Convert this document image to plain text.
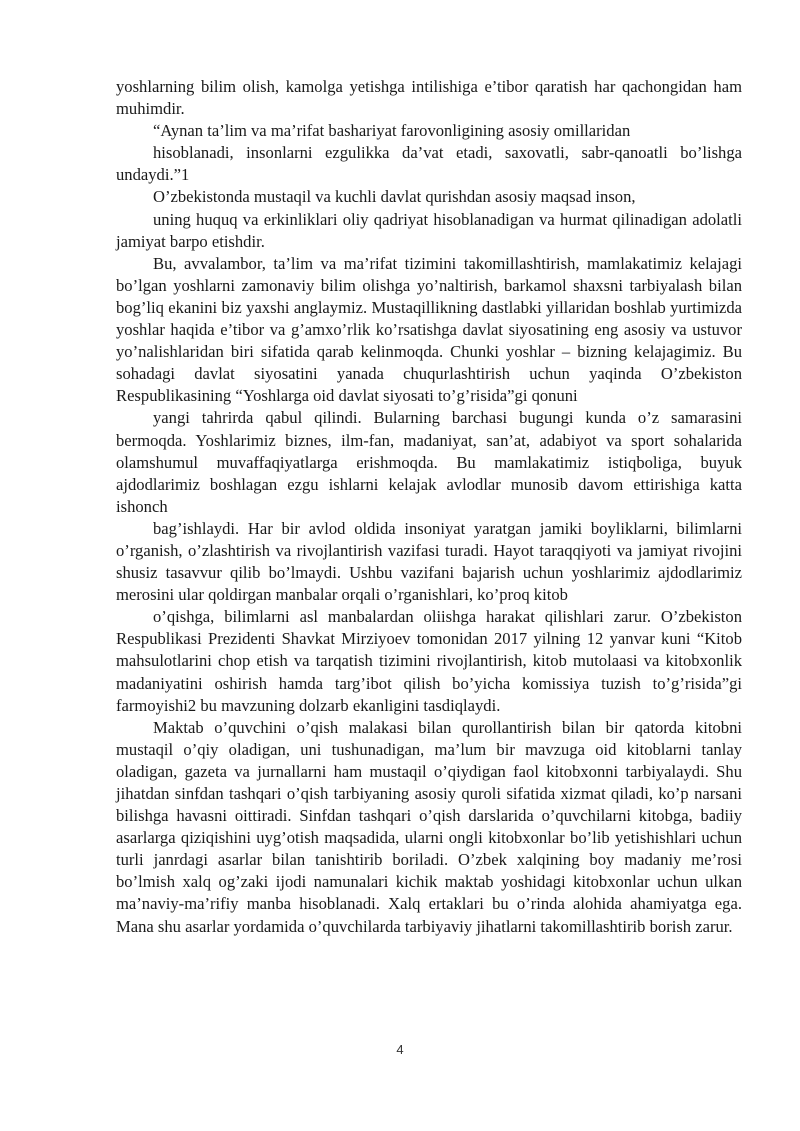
yoshlarning bilim olish, kamolga yetishga intilishiga e’tibor qaratish har qachongidan ham muhimdir.

“Aynan ta’lim va ma’rifat bashariyat farovonligining asosiy omillaridan

hisoblanadi, insonlarni ezgulikka da’vat etadi, saxovatli, sabr-qanoatli bo’lishga undaydi.”1

O’zbekistonda mustaqil va kuchli davlat qurishdan asosiy maqsad inson,

uning huquq va erkinliklari oliy qadriyat hisoblanadigan va hurmat qilinadigan adolatli jamiyat barpo etishdir.

Bu, avvalambor, ta’lim va ma’rifat tizimini takomillashtirish, mamlakatimiz kelajagi bo’lgan yoshlarni zamonaviy bilim olishga yo’naltirish, barkamol shaxsni tarbiyalash bilan bog’liq ekanini biz yaxshi anglaymiz. Mustaqillikning dastlabki yillaridan boshlab yurtimizda yoshlar haqida e’tibor va g’amxo’rlik ko’rsatishga davlat siyosatining eng asosiy va ustuvor yo’nalishlaridan biri sifatida qarab kelinmoqda. Chunki yoshlar – bizning kelajagimiz. Bu sohadagi davlat siyosatini yanada chuqurlashtirish uchun yaqinda O’zbekiston Respublikasining “Yoshlarga oid davlat siyosati to’g’risida”gi qonuni

yangi tahrirda qabul qilindi. Bularning barchasi bugungi kunda o’z samarasini bermoqda. Yoshlarimiz biznes, ilm-fan, madaniyat, san’at, adabiyot va sport sohalarida olamshumul muvaffaqiyatlarga erishmoqda. Bu mamlakatimiz istiqboliga, buyuk ajdodlarimiz boshlagan ezgu ishlarni kelajak avlodlar munosib davom ettirishiga katta ishonch

bag’ishlaydi. Har bir avlod oldida insoniyat yaratgan jamiki boyliklarni, bilimlarni o’rganish, o’zlashtirish va rivojlantirish vazifasi turadi. Hayot taraqqiyoti va jamiyat rivojini shusiz tasavvur qilib bo’lmaydi. Ushbu vazifani bajarish uchun yoshlarimiz ajdodlarimiz merosini ular qoldirgan manbalar orqali o’rganishlari, ko’proq kitob

o’qishga, bilimlarni asl manbalardan oliishga harakat qilishlari zarur. O’zbekiston Respublikasi Prezidenti Shavkat Mirziyoev tomonidan 2017 yilning 12 yanvar kuni “Kitob mahsulotlarini chop etish va tarqatish tizimini rivojlantirish, kitob mutolaasi va kitobxonlik madaniyatini oshirish hamda targ’ibot qilish bo’yicha komissiya tuzish to’g’risida”gi farmoyishi2 bu mavzuning dolzarb ekanligini tasdiqlaydi.

Maktab o’quvchini o’qish malakasi bilan qurollantirish bilan bir qatorda kitobni mustaqil o’qiy oladigan, uni tushunadigan, ma’lum bir mavzuga oid kitoblarni tanlay oladigan, gazeta va jurnallarni ham mustaqil o’qiydigan faol kitobxonni tarbiyalaydi. Shu jihatdan sinfdan tashqari o’qish tarbiyaning asosiy quroli sifatida xizmat qiladi, ko’p narsani bilishga havasni oittiradi. Sinfdan tashqari o’qish darslarida o’quvchilarni kitobga, badiiy asarlarga qiziqishini uyg’otish maqsadida, ularni ongli kitobxonlar bo’lib yetishishlari uchun turli janrdagi asarlar bilan tanishtirib boriladi. O’zbek xalqining boy madaniy me’rosi bo’lmish xalq og’zaki ijodi namunalari kichik maktab yoshidagi kitobxonlar uchun ulkan ma’naviy-ma’rifiy manba hisoblanadi. Xalq ertaklari bu o’rinda alohida ahamiyatga ega. Mana shu asarlar yordamida o’quvchilarda tarbiyaviy jihatlarni takomillashtirib borish zarur.

4
